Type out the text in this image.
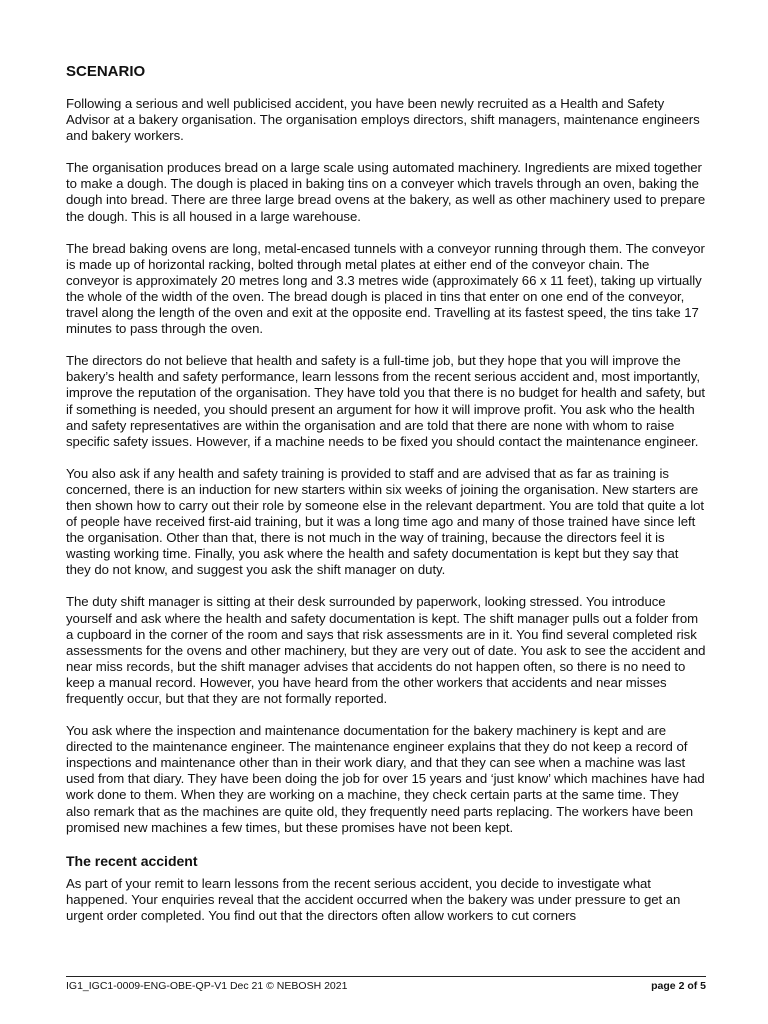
SCENARIO

Following a serious and well publicised accident, you have been newly recruited as a Health and Safety Advisor at a bakery organisation. The organisation employs directors, shift managers, maintenance engineers and bakery workers.

The organisation produces bread on a large scale using automated machinery. Ingredients are mixed together to make a dough. The dough is placed in baking tins on a conveyer which travels through an oven, baking the dough into bread. There are three large bread ovens at the bakery, as well as other machinery used to prepare the dough. This is all housed in a large warehouse.

The bread baking ovens are long, metal-encased tunnels with a conveyor running through them. The conveyor is made up of horizontal racking, bolted through metal plates at either end of the conveyor chain. The conveyor is approximately 20 metres long and 3.3 metres wide (approximately 66 x 11 feet), taking up virtually the whole of the width of the oven. The bread dough is placed in tins that enter on one end of the conveyor, travel along the length of the oven and exit at the opposite end. Travelling at its fastest speed, the tins take 17 minutes to pass through the oven.

The directors do not believe that health and safety is a full-time job, but they hope that you will improve the bakery’s health and safety performance, learn lessons from the recent serious accident and, most importantly, improve the reputation of the organisation. They have told you that there is no budget for health and safety, but if something is needed, you should present an argument for how it will improve profit. You ask who the health and safety representatives are within the organisation and are told that there are none with whom to raise specific safety issues. However, if a machine needs to be fixed you should contact the maintenance engineer.

You also ask if any health and safety training is provided to staff and are advised that as far as training is concerned, there is an induction for new starters within six weeks of joining the organisation. New starters are then shown how to carry out their role by someone else in the relevant department. You are told that quite a lot of people have received first-aid training, but it was a long time ago and many of those trained have since left the organisation. Other than that, there is not much in the way of training, because the directors feel it is wasting working time. Finally, you ask where the health and safety documentation is kept but they say that they do not know, and suggest you ask the shift manager on duty.

The duty shift manager is sitting at their desk surrounded by paperwork, looking stressed. You introduce yourself and ask where the health and safety documentation is kept. The shift manager pulls out a folder from a cupboard in the corner of the room and says that risk assessments are in it. You find several completed risk assessments for the ovens and other machinery, but they are very out of date. You ask to see the accident and near miss records, but the shift manager advises that accidents do not happen often, so there is no need to keep a manual record. However, you have heard from the other workers that accidents and near misses frequently occur, but that they are not formally reported.

You ask where the inspection and maintenance documentation for the bakery machinery is kept and are directed to the maintenance engineer. The maintenance engineer explains that they do not keep a record of inspections and maintenance other than in their work diary, and that they can see when a machine was last used from that diary. They have been doing the job for over 15 years and ‘just know’ which machines have had work done to them. When they are working on a machine, they check certain parts at the same time. They also remark that as the machines are quite old, they frequently need parts replacing. The workers have been promised new machines a few times, but these promises have not been kept.

The recent accident

As part of your remit to learn lessons from the recent serious accident, you decide to investigate what happened. Your enquiries reveal that the accident occurred when the bakery was under pressure to get an urgent order completed. You find out that the directors often allow workers to cut corners

IG1_IGC1-0009-ENG-OBE-QP-V1 Dec 21 © NEBOSH 2021	page 2 of 5
